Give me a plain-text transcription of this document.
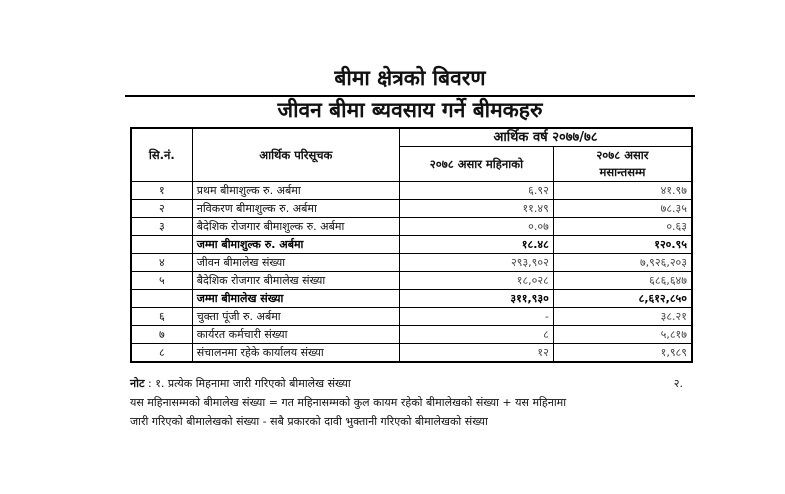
बीमा क्षेत्रको बिवरण
जीवन बीमा ब्यवसाय गर्ने बीमकहरु
सि.नं.	आर्थिक परिसूचक	आर्थिक वर्ष २०७७/७८	
		२०७८ असार महिनाको	२०७८ असार
मसान्तसम्म
१	प्रथम बीमाशुल्क रु. अर्बमा	६.९२	४१.९७
२	नविकरण बीमाशुल्क रु. अर्बमा	११.४९	७८.३५
३	बैदेशिक रोजगार बीमाशुल्क रु. अर्बमा	०.०७	०.६३
	जम्मा बीमाशुल्क रु. अर्बमा	१८.४८	१२०.९५
४	जीवन बीमालेख संख्या	२९३,९०२	७,९२६,२०३
५	बैदेशिक रोजगार बीमालेख संख्या	१८,०२८	६८६,६४७
	जम्मा बीमालेख संख्या	३११,९३०	८,६१२,८५०
६	चुक्ता पूंजी रु. अर्बमा	-	३८.२१
७	कार्यरत कर्मचारी संख्या	८	५,८१७
८	संचालनमा रहेके कार्यालय संख्या	१२	१,९८९
नोट : १. प्रत्येक मिहनामा जारी गरिएको बीमालेख संख्या	२.
यस महिनासम्मको बीमालेख संख्या = गत महिनासम्मको कुल कायम रहेको बीमालेखको संख्या + यस महिनामा
जारी गरिएको बीमालेखको संख्या - सबै प्रकारको दावी भुक्तानी गरिएको बीमालेखको संख्या
